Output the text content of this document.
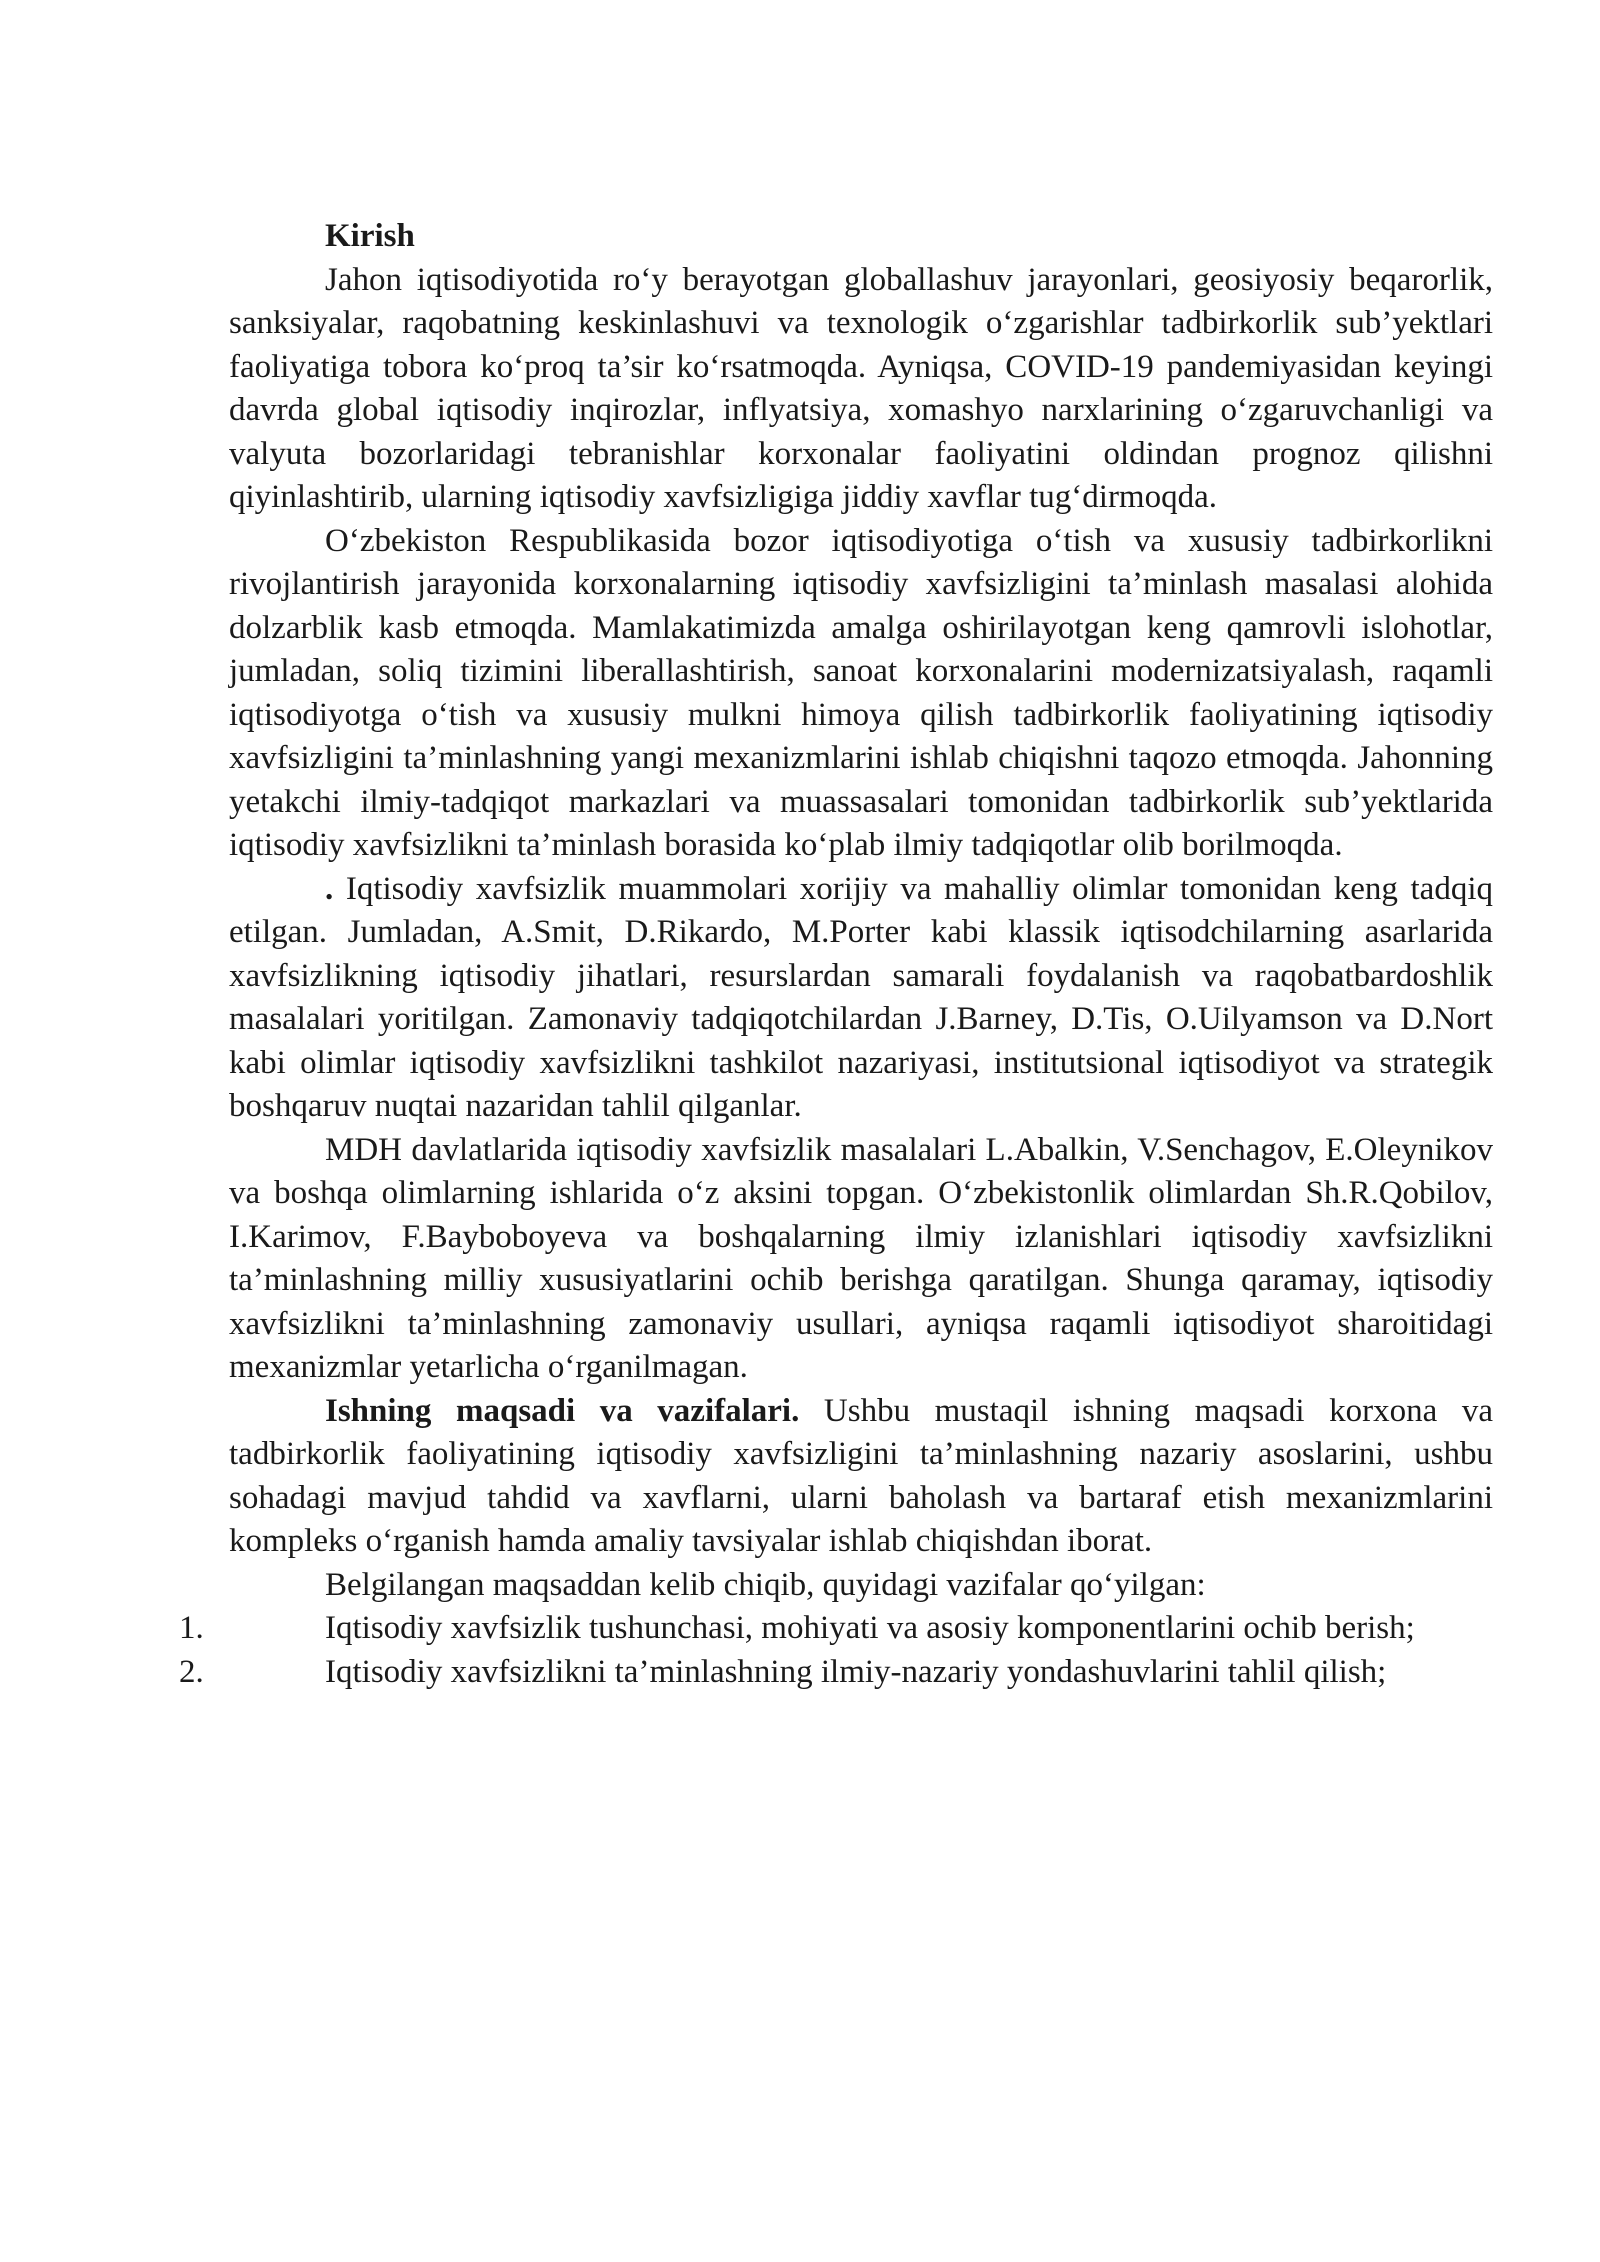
Kirish

Jahon iqtisodiyotida ro‘y berayotgan globallashuv jarayonlari, geosiyosiy beqarorlik, sanksiyalar, raqobatning keskinlashuvi va texnologik o‘zgarishlar tadbirkorlik sub’yektlari faoliyatiga tobora ko‘proq ta’sir ko‘rsatmoqda. Ayniqsa, COVID-19 pandemiyasidan keyingi davrda global iqtisodiy inqirozlar, inflyatsiya, xomashyo narxlarining o‘zgaruvchanligi va valyuta bozorlaridagi tebranishlar korxonalar faoliyatini oldindan prognoz qilishni qiyinlashtirib, ularning iqtisodiy xavfsizligiga jiddiy xavflar tug‘dirmoqda.

O‘zbekiston Respublikasida bozor iqtisodiyotiga o‘tish va xususiy tadbirkorlikni rivojlantirish jarayonida korxonalarning iqtisodiy xavfsizligini ta’minlash masalasi alohida dolzarblik kasb etmoqda. Mamlakatimizda amalga oshirilayotgan keng qamrovli islohotlar, jumladan, soliq tizimini liberallashtirish, sanoat korxonalarini modernizatsiyalash, raqamli iqtisodiyotga o‘tish va xususiy mulkni himoya qilish tadbirkorlik faoliyatining iqtisodiy xavfsizligini ta’minlashning yangi mexanizmlarini ishlab chiqishni taqozo etmoqda. Jahonning yetakchi ilmiy-tadqiqot markazlari va muassasalari tomonidan tadbirkorlik sub’yektlarida iqtisodiy xavfsizlikni ta’minlash borasida ko‘plab ilmiy tadqiqotlar olib borilmoqda.

. Iqtisodiy xavfsizlik muammolari xorijiy va mahalliy olimlar tomonidan keng tadqiq etilgan. Jumladan, A.Smit, D.Rikardo, M.Porter kabi klassik iqtisodchilarning asarlarida xavfsizlikning iqtisodiy jihatlari, resurslardan samarali foydalanish va raqobatbardoshlik masalalari yoritilgan. Zamonaviy tadqiqotchilardan J.Barney, D.Tis, O.Uilyamson va D.Nort kabi olimlar iqtisodiy xavfsizlikni tashkilot nazariyasi, institutsional iqtisodiyot va strategik boshqaruv nuqtai nazaridan tahlil qilganlar.

MDH davlatlarida iqtisodiy xavfsizlik masalalari L.Abalkin, V.Senchagov, E.Oleynikov va boshqa olimlarning ishlarida o‘z aksini topgan. O‘zbekistonlik olimlardan Sh.R.Qobilov, I.Karimov, F.Bayboboyeva va boshqalarning ilmiy izlanishlari iqtisodiy xavfsizlikni ta’minlashning milliy xususiyatlarini ochib berishga qaratilgan. Shunga qaramay, iqtisodiy xavfsizlikni ta’minlashning zamonaviy usullari, ayniqsa raqamli iqtisodiyot sharoitidagi mexanizmlar yetarlicha o‘rganilmagan.

Ishning maqsadi va vazifalari. Ushbu mustaqil ishning maqsadi korxona va tadbirkorlik faoliyatining iqtisodiy xavfsizligini ta’minlashning nazariy asoslarini, ushbu sohadagi mavjud tahdid va xavflarni, ularni baholash va bartaraf etish mexanizmlarini kompleks o‘rganish hamda amaliy tavsiyalar ishlab chiqishdan iborat.

Belgilangan maqsaddan kelib chiqib, quyidagi vazifalar qo‘yilgan:

1.	Iqtisodiy xavfsizlik tushunchasi, mohiyati va asosiy komponentlarini ochib berish;

2.	Iqtisodiy xavfsizlikni ta’minlashning ilmiy-nazariy yondashuvlarini tahlil qilish;
